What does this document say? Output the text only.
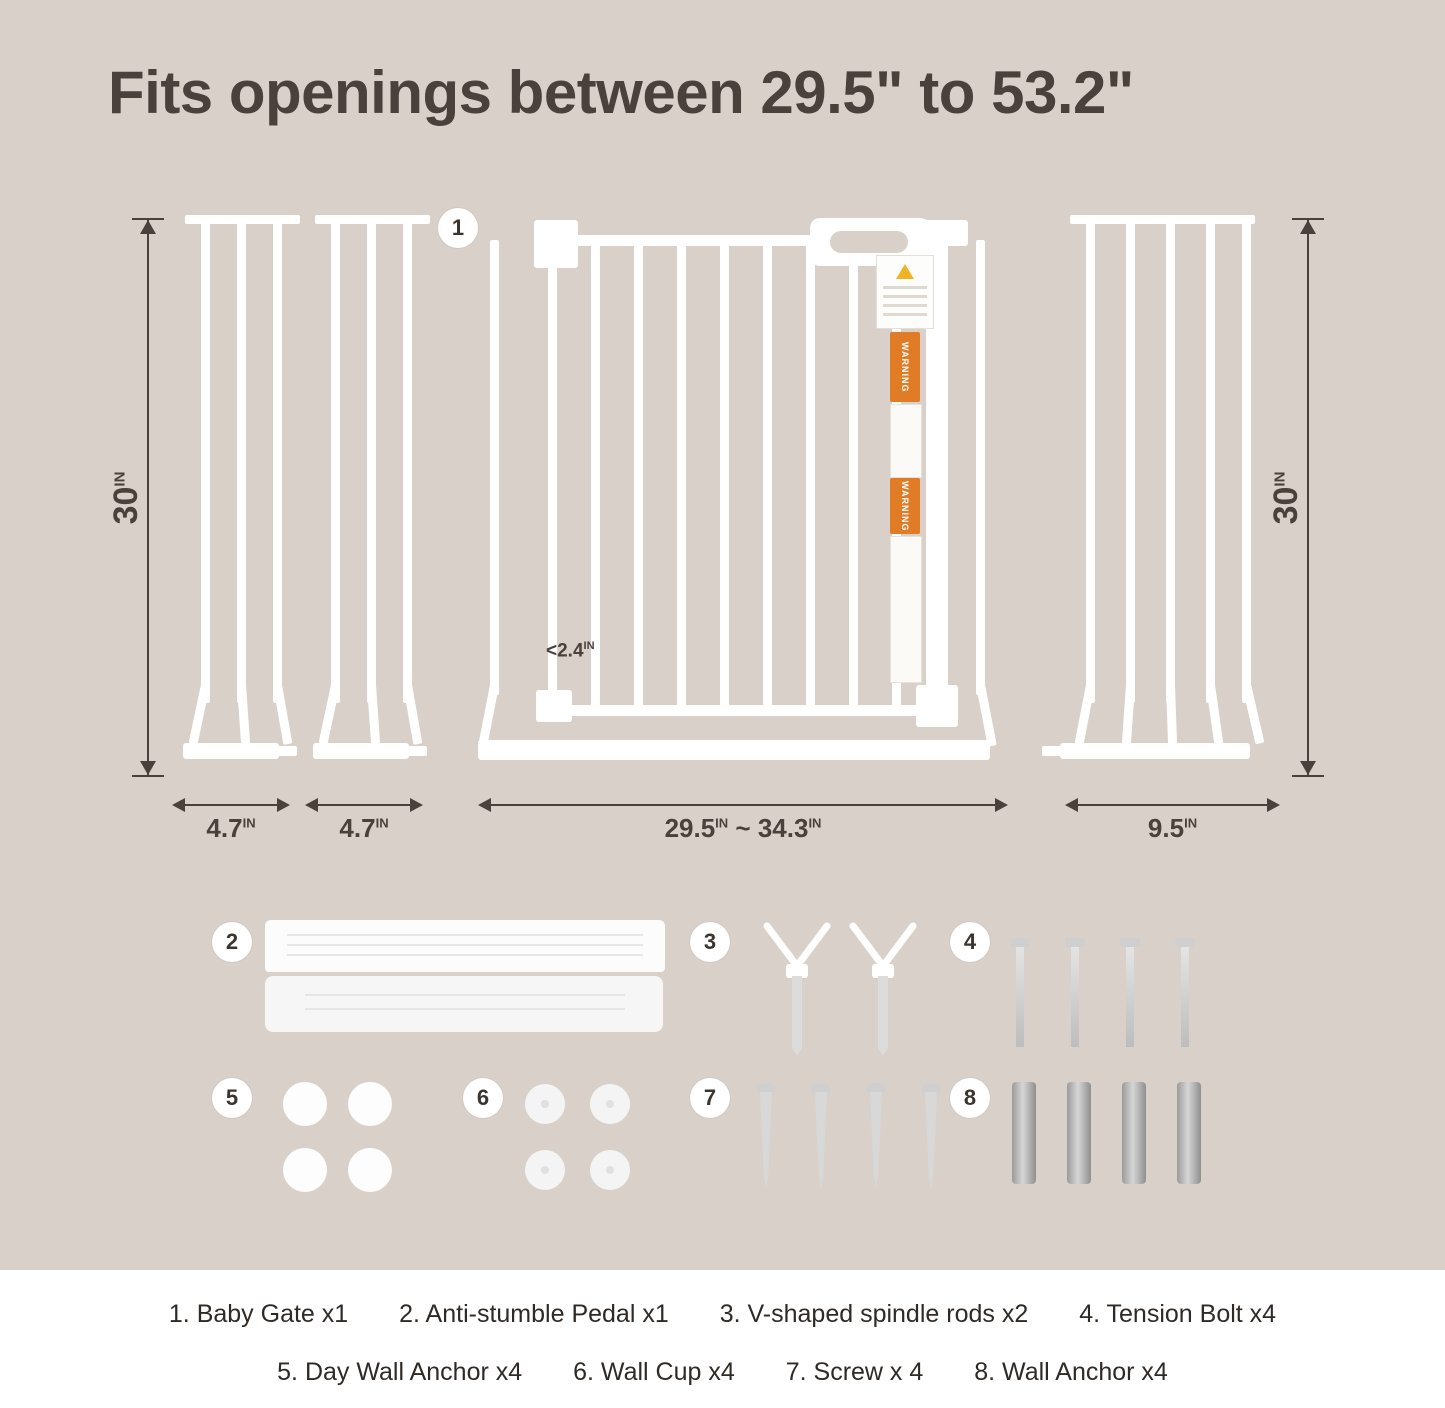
Fits openings between 29.5" to 53.2"
$30^{IN}$
$30^{IN}$
WARNING
WARNING
$<2.4^{IN}$
1
$4.7^{IN}$	$4.7^{IN}$	$29.5^{IN}$ ~ $34.3^{IN}$	$9.5^{IN}$
2	3	4
5	6	7	8
1. Baby Gate x1 2. Anti-stumble Pedal x1 3. V-shaped spindle rods x2 4. Tension Bolt x4
5. Day Wall Anchor x4 6. Wall Cup x4 7. Screw x 4 8. Wall Anchor x4
